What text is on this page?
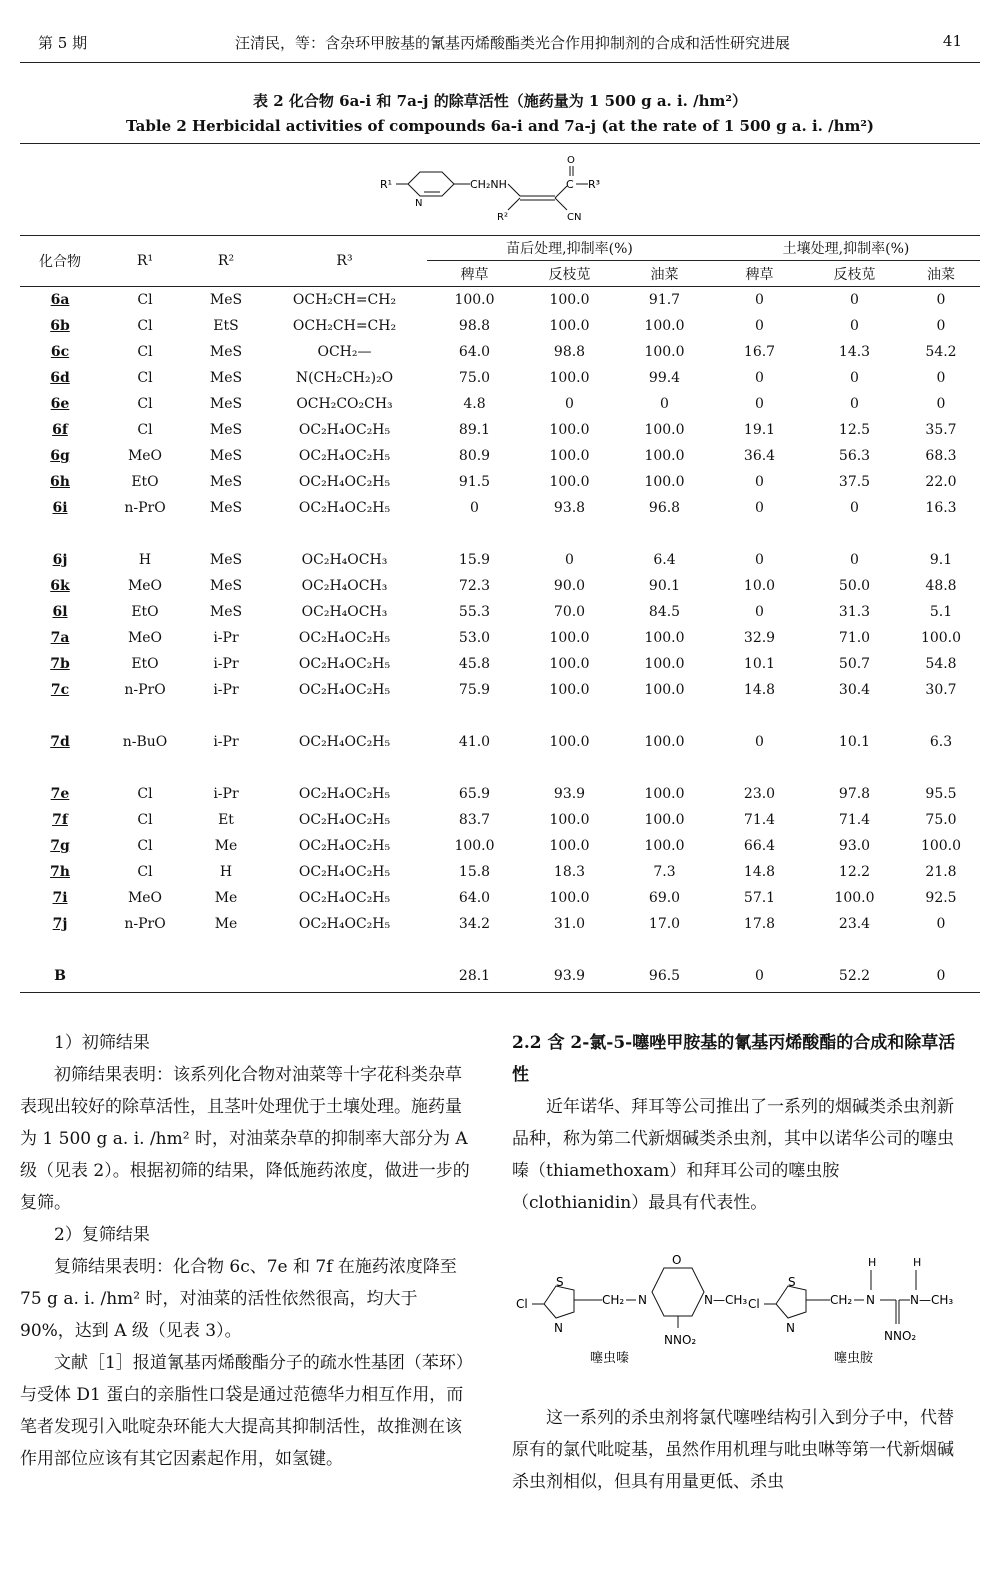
第 5 期	汪清民，等：含杂环甲胺基的氰基丙烯酸酯类光合作用抑制剂的合成和活性研究进展	41
表 2 化合物 6a-i 和 7a-j 的除草活性（施药量为 1 500 g a. i. /hm²）
Table 2 Herbicidal activities of compounds 6a-i and 7a-j (at the rate of 1 500 g a. i. /hm²)
R¹
N
CH₂NH
R²
C
O
R³
CN
化合物	R¹	R²	R³	苗后处理,抑制率(%)			土壤处理,抑制率(%)		
				稗草	反枝苋	油菜	稗草	反枝苋	油菜
6a	Cl	MeS	OCH₂CH=CH₂	100.0	100.0	91.7	0	0	0
6b	Cl	EtS	OCH₂CH=CH₂	98.8	100.0	100.0	0	0	0
6c	Cl	MeS	OCH₂—	64.0	98.8	100.0	16.7	14.3	54.2
6d	Cl	MeS	N(CH₂CH₂)₂O	75.0	100.0	99.4	0	0	0
6e	Cl	MeS	OCH₂CO₂CH₃	4.8	0	0	0	0	0
6f	Cl	MeS	OC₂H₄OC₂H₅	89.1	100.0	100.0	19.1	12.5	35.7
6g	MeO	MeS	OC₂H₄OC₂H₅	80.9	100.0	100.0	36.4	56.3	68.3
6h	EtO	MeS	OC₂H₄OC₂H₅	91.5	100.0	100.0	0	37.5	22.0
6i	n-PrO	MeS	OC₂H₄OC₂H₅	0	93.8	96.8	0	0	16.3

6j	H	MeS	OC₂H₄OCH₃	15.9	0	6.4	0	0	9.1
6k	MeO	MeS	OC₂H₄OCH₃	72.3	90.0	90.1	10.0	50.0	48.8
6l	EtO	MeS	OC₂H₄OCH₃	55.3	70.0	84.5	0	31.3	5.1
7a	MeO	i-Pr	OC₂H₄OC₂H₅	53.0	100.0	100.0	32.9	71.0	100.0
7b	EtO	i-Pr	OC₂H₄OC₂H₅	45.8	100.0	100.0	10.1	50.7	54.8
7c	n-PrO	i-Pr	OC₂H₄OC₂H₅	75.9	100.0	100.0	14.8	30.4	30.7

7d	n-BuO	i-Pr	OC₂H₄OC₂H₅	41.0	100.0	100.0	0	10.1	6.3

7e	Cl	i-Pr	OC₂H₄OC₂H₅	65.9	93.9	100.0	23.0	97.8	95.5
7f	Cl	Et	OC₂H₄OC₂H₅	83.7	100.0	100.0	71.4	71.4	75.0
7g	Cl	Me	OC₂H₄OC₂H₅	100.0	100.0	100.0	66.4	93.0	100.0
7h	Cl	H	OC₂H₄OC₂H₅	15.8	18.3	7.3	14.8	12.2	21.8
7i	MeO	Me	OC₂H₄OC₂H₅	64.0	100.0	69.0	57.1	100.0	92.5
7j	n-PrO	Me	OC₂H₄OC₂H₅	34.2	31.0	17.0	17.8	23.4	0

B				28.1	93.9	96.5	0	52.2	0

1）初筛结果

初筛结果表明：该系列化合物对油菜等十字花科类杂草表现出较好的除草活性，且茎叶处理优于土壤处理。施药量为 1 500 g a. i. /hm² 时，对油菜杂草的抑制率大部分为 A 级（见表 2）。根据初筛的结果，降低施药浓度，做进一步的复筛。

2）复筛结果

复筛结果表明：化合物 6c、7e 和 7f 在施药浓度降至 75 g a. i. /hm² 时，对油菜的活性依然很高，均大于 90%，达到 A 级（见表 3）。

文献［1］报道氰基丙烯酸酯分子的疏水性基团（苯环）与受体 D1 蛋白的亲脂性口袋是通过范德华力相互作用，而笔者发现引入吡啶杂环能大大提高其抑制活性，故推测在该作用部位应该有其它因素起作用，如氢键。

2.2 含 2-氯-5-噻唑甲胺基的氰基丙烯酸酯的合成和除草活性

近年诺华、拜耳等公司推出了一系列的烟碱类杀虫剂新品种，称为第二代新烟碱类杀虫剂，其中以诺华公司的噻虫嗪（thiamethoxam）和拜耳公司的噻虫胺（clothianidin）最具有代表性。

Cl
S
N
CH₂ N
O
N—CH₃
NNO₂
噻虫嗪
Cl
S
N
CH₂ N
H
NNO₂
N—CH₃
H
噻虫胺

这一系列的杀虫剂将氯代噻唑结构引入到分子中，代替原有的氯代吡啶基，虽然作用机理与吡虫啉等第一代新烟碱杀虫剂相似，但具有用量更低、杀虫
